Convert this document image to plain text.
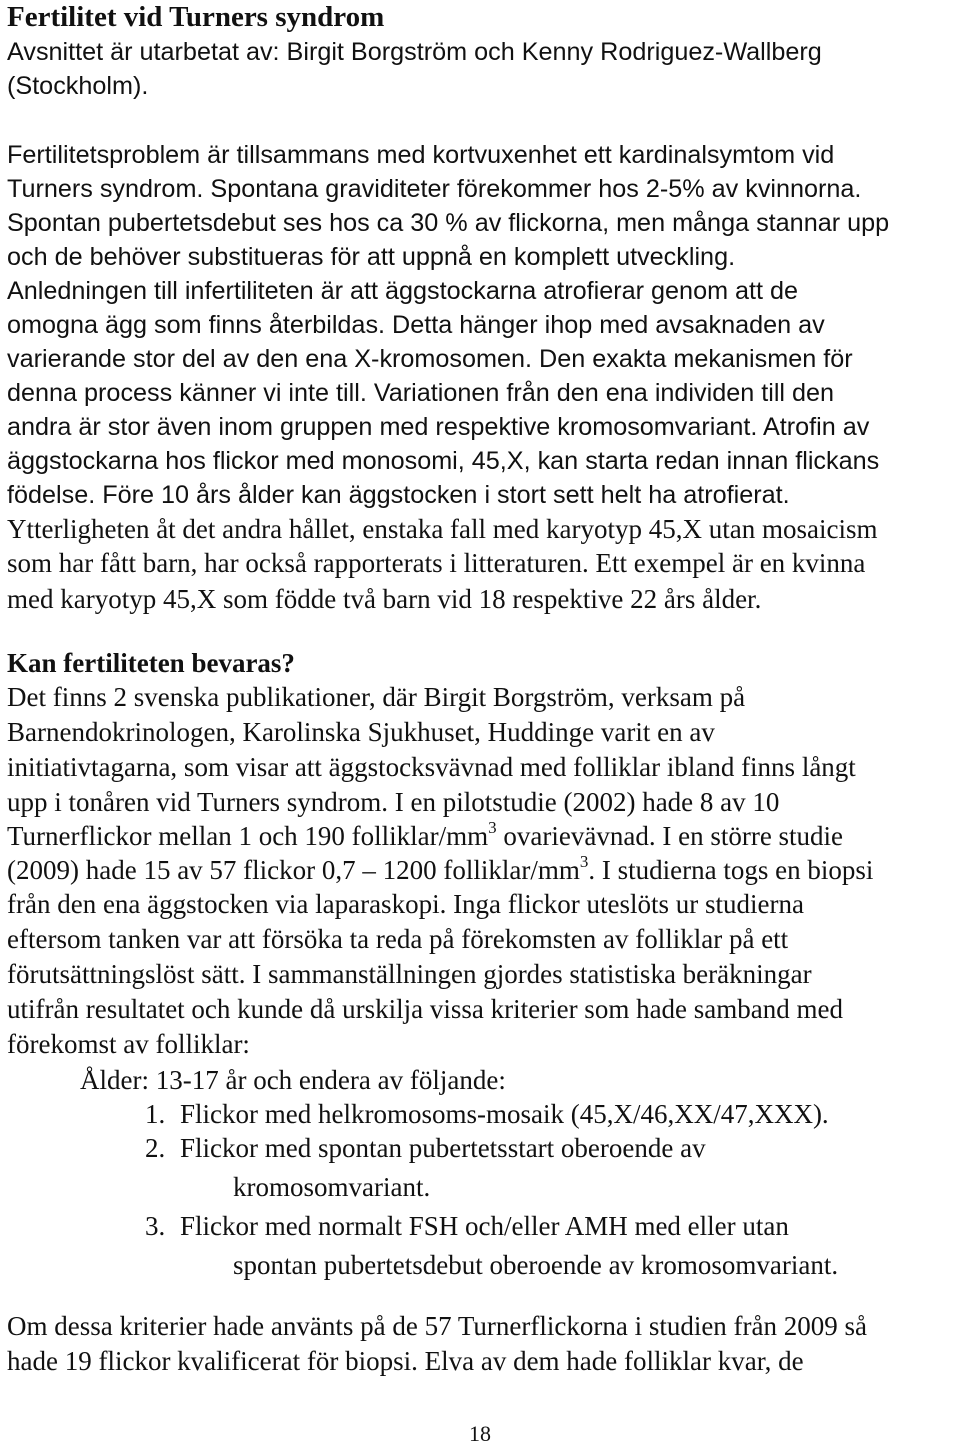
Fertilitet vid Turners syndrom
Avsnittet är utarbetat av: Birgit Borgström och Kenny Rodriguez-Wallberg
(Stockholm).
Fertilitetsproblem är tillsammans med kortvuxenhet ett kardinalsymtom vid
Turners syndrom. Spontana graviditeter förekommer hos 2-5% av kvinnorna.
Spontan pubertetsdebut ses hos ca 30 % av flickorna, men många stannar upp
och de behöver substitueras för att uppnå en komplett utveckling.
Anledningen till infertiliteten är att äggstockarna atrofierar genom att de
omogna ägg som finns återbildas. Detta hänger ihop med avsaknaden av
varierande stor del av den ena X-kromosomen. Den exakta mekanismen för
denna process känner vi inte till. Variationen från den ena individen till den
andra är stor även inom gruppen med respektive kromosomvariant. Atrofin av
äggstockarna hos flickor med monosomi, 45,X, kan starta redan innan flickans
födelse. Före 10 års ålder kan äggstocken i stort sett helt ha atrofierat.
Ytterligheten åt det andra hållet, enstaka fall med karyotyp 45,X utan mosaicism
som har fått barn, har också rapporterats i litteraturen. Ett exempel är en kvinna
med karyotyp 45,X som födde två barn vid 18 respektive 22 års ålder.
Kan fertiliteten bevaras?
Det finns 2 svenska publikationer, där Birgit Borgström, verksam på
Barnendokrinologen, Karolinska Sjukhuset, Huddinge varit en av
initiativtagarna, som visar att äggstocksvävnad med folliklar ibland finns långt
upp i tonåren vid Turners syndrom. I en pilotstudie (2002) hade 8 av 10
Turnerflickor mellan 1 och 190 folliklar/$mm^3$ ovarievävnad. I en större studie
(2009) hade 15 av 57 flickor 0,7 – 1200 folliklar/$mm^3$. I studierna togs en biopsi
från den ena äggstocken via laparaskopi. Inga flickor uteslöts ur studierna
eftersom tanken var att försöka ta reda på förekomsten av folliklar på ett
förutsättningslöst sätt. I sammanställningen gjordes statistiska beräkningar
utifrån resultatet och kunde då urskilja vissa kriterier som hade samband med
förekomst av folliklar:
Ålder: 13-17 år och endera av följande:
1. Flickor med helkromosoms-mosaik (45,X/46,XX/47,XXX).
2. Flickor med spontan pubertetsstart oberoende av
kromosomvariant.
3. Flickor med normalt FSH och/eller AMH med eller utan
spontan pubertetsdebut oberoende av kromosomvariant.
Om dessa kriterier hade använts på de 57 Turnerflickorna i studien från 2009 så
hade 19 flickor kvalificerat för biopsi. Elva av dem hade folliklar kvar, de
18
